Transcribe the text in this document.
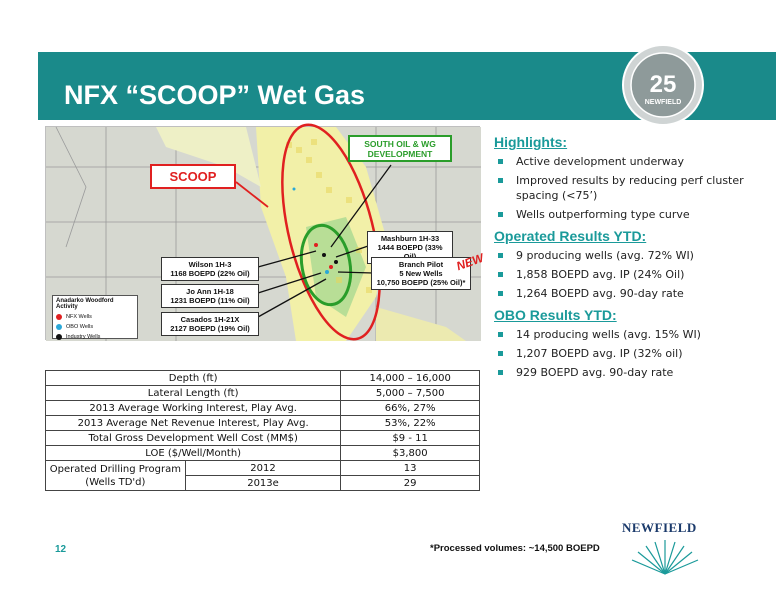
NFX “SCOOP” Wet Gas	25
NEWFIELD
SCOOP
SOUTH OIL & WG DEVELOPMENT
Mashburn 1H-33
1444 BOEPD (33%
Wilson 1H-3
1168 BOEPD (22% Oil)
Branch Pilot
5 New Wells
10,750 BOEPD (25% Oil)*
Jo Ann 1H-18
1231 BOEPD (11% Oil)
Casados 1H-21X
2127 BOEPD (19% Oil)
NEW
Anadarko Woodford Activity
NFX Wells
OBO Wells
Industry Wells
Highlights:
Active development underway
Improved results by reducing perf cluster spacing (<75’)
Wells outperforming type curve
Operated Results YTD:
9 producing wells (avg. 72% WI)
1,858 BOEPD avg. IP (24% Oil)
1,264 BOEPD avg. 90-day rate
OBO Results YTD:
14 producing wells (avg. 15% WI)
1,207 BOEPD avg. IP (32% oil)
929 BOEPD avg. 90-day rate
Depth (ft)		14,000 – 16,000
Lateral Length (ft)		5,000 – 7,500
2013 Average Working Interest, Play Avg.		66%, 27%
2013 Average Net Revenue Interest, Play Avg.		53%, 22%
Total Gross Development Well Cost (MM$)		$9 - 11
LOE ($/Well/Month)		$3,800

Operated Drilling Program
(Wells TD'd)	2012	13
	2013e	29
12	*Processed volumes: ~14,500 BOEPD
NEWFIELD
